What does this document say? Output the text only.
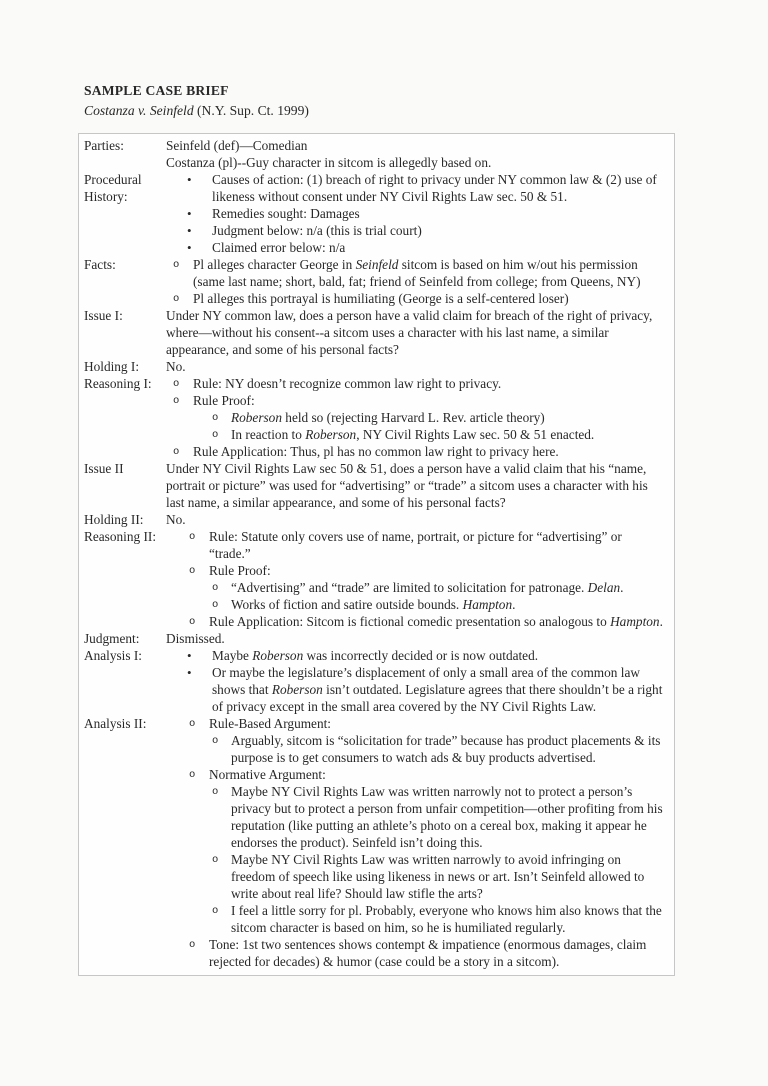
SAMPLE CASE BRIEF
Costanza v. Seinfeld (N.Y. Sup. Ct. 1999)
Parties:	Seinfeld (def)—Comedian
Costanza (pl)--Guy character in sitcom is allegedly based on.
Procedural History:
• Causes of action: (1) breach of right to privacy under NY common law & (2) use of likeness without consent under NY Civil Rights Law sec. 50 & 51.
• Remedies sought: Damages
• Judgment below: n/a (this is trial court)
• Claimed error below: n/a
Facts:	o Pl alleges character George in Seinfeld sitcom is based on him w/out his permission (same last name; short, bald, fat; friend of Seinfeld from college; from Queens, NY)
o Pl alleges this portrayal is humiliating (George is a self-centered loser)
Issue I:	Under NY common law, does a person have a valid claim for breach of the right of privacy, where—without his consent--a sitcom uses a character with his last name, a similar appearance, and some of his personal facts?
Holding I:	No.
Reasoning I:	o Rule: NY doesn’t recognize common law right to privacy.
o Rule Proof:
o Roberson held so (rejecting Harvard L. Rev. article theory)
o In reaction to Roberson, NY Civil Rights Law sec. 50 & 51 enacted.
o Rule Application: Thus, pl has no common law right to privacy here.
Issue II	Under NY Civil Rights Law sec 50 & 51, does a person have a valid claim that his “name, portrait or picture” was used for “advertising” or “trade” a sitcom uses a character with his last name, a similar appearance, and some of his personal facts?
Holding II:	No.
Reasoning II:	o Rule: Statute only covers use of name, portrait, or picture for “advertising” or “trade.”
o Rule Proof:
o “Advertising” and “trade” are limited to solicitation for patronage. Delan.
o Works of fiction and satire outside bounds. Hampton.
o Rule Application: Sitcom is fictional comedic presentation so analogous to Hampton.
Judgment:	Dismissed.
Analysis I:	• Maybe Roberson was incorrectly decided or is now outdated.
• Or maybe the legislature’s displacement of only a small area of the common law shows that Roberson isn’t outdated. Legislature agrees that there shouldn’t be a right of privacy except in the small area covered by the NY Civil Rights Law.
Analysis II:	o Rule-Based Argument:
o Arguably, sitcom is “solicitation for trade” because has product placements & its purpose is to get consumers to watch ads & buy products advertised.
o Normative Argument:
o Maybe NY Civil Rights Law was written narrowly not to protect a person’s privacy but to protect a person from unfair competition—other profiting from his reputation (like putting an athlete’s photo on a cereal box, making it appear he endorses the product). Seinfeld isn’t doing this.
o Maybe NY Civil Rights Law was written narrowly to avoid infringing on freedom of speech like using likeness in news or art. Isn’t Seinfeld allowed to write about real life? Should law stifle the arts?
o I feel a little sorry for pl. Probably, everyone who knows him also knows that the sitcom character is based on him, so he is humiliated regularly.
o Tone: 1st two sentences shows contempt & impatience (enormous damages, claim rejected for decades) & humor (case could be a story in a sitcom).
